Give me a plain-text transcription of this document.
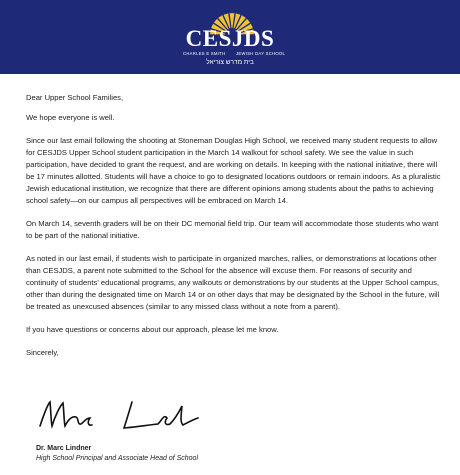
CESJDS
CHARLES E SMITH	JEWISH DAY SCHOOL
בית מדרש צוריאל

Dear Upper School Families,

We hope everyone is well.

Since our last email following the shooting at Stoneman Douglas High School, we received many student requests to allow for CESJDS Upper School student participation in the March 14 walkout for school safety. We see the value in such participation, have decided to grant the request, and are working on details. In keeping with the national initiative, there will be 17 minutes allotted. Students will have a choice to go to designated locations outdoors or remain indoors. As a pluralistic Jewish educational institution, we recognize that there are different opinions among students about the paths to achieving school safety—on our campus all perspectives will be embraced on March 14.

On March 14, seventh graders will be on their DC memorial field trip. Our team will accommodate those students who want to be part of the national initiative.

As noted in our last email, if students wish to participate in organized marches, rallies, or demonstrations at locations other than CESJDS, a parent note submitted to the School for the absence will excuse them. For reasons of security and continuity of students' educational programs, any walkouts or demonstrations by our students at the Upper School campus, other than during the designated time on March 14 or on other days that may be designated by the School in the future, will be treated as unexcused absences (similar to any missed class without a note from a parent).

If you have questions or concerns about our approach, please let me know.

Sincerely,

Dr. Marc Lindner
High School Principal and Associate Head of School
